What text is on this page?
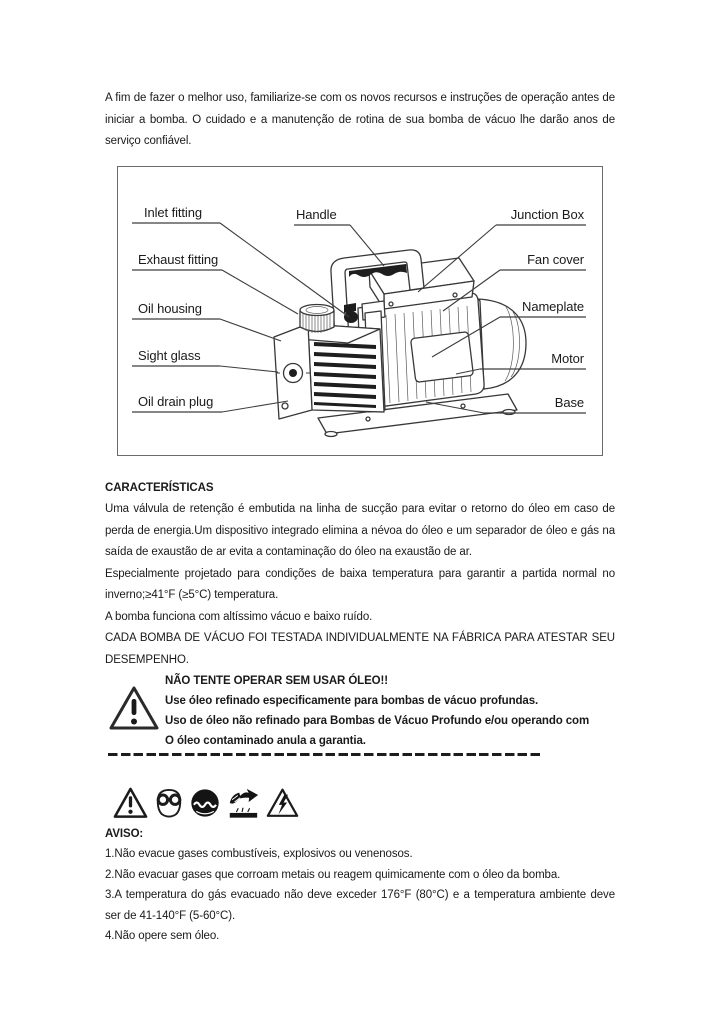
A fim de fazer o melhor uso, familiarize-se com os novos recursos e instruções de operação antes de iniciar a bomba. O cuidado e a manutenção de rotina de sua bomba de vácuo lhe darão anos de serviço confiável.
Inlet fitting
Exhaust fitting
Oil housing
Sight glass
Oil drain plug
Handle	Junction Box
Fan cover
Nameplate
Motor
Base
CARACTERÍSTICAS
Uma válvula de retenção é embutida na linha de sucção para evitar o retorno do óleo em caso de perda de energia.Um dispositivo integrado elimina a névoa do óleo e um separador de óleo e gás na saída de exaustão de ar evita a contaminação do óleo na exaustão de ar.
Especialmente projetado para condições de baixa temperatura para garantir a partida normal no inverno;≥41°F (≥5°C) temperatura.
A bomba funciona com altíssimo vácuo e baixo ruído.
CADA BOMBA DE VÁCUO FOI TESTADA INDIVIDUALMENTE NA FÁBRICA PARA ATESTAR SEU DESEMPENHO.
NÃO TENTE OPERAR SEM USAR ÓLEO!!
Use óleo refinado especificamente para bombas de vácuo profundas.
Uso de óleo não refinado para Bombas de Vácuo Profundo e/ou operando com
O óleo contaminado anula a garantia.
AVISO:
1.Não evacue gases combustíveis, explosivos ou venenosos.
2.Não evacuar gases que corroam metais ou reagem quimicamente com o óleo da bomba.
3.A temperatura do gás evacuado não deve exceder 176°F (80°C) e a temperatura ambiente deve ser de 41-140°F (5-60°C).
4.Não opere sem óleo.
